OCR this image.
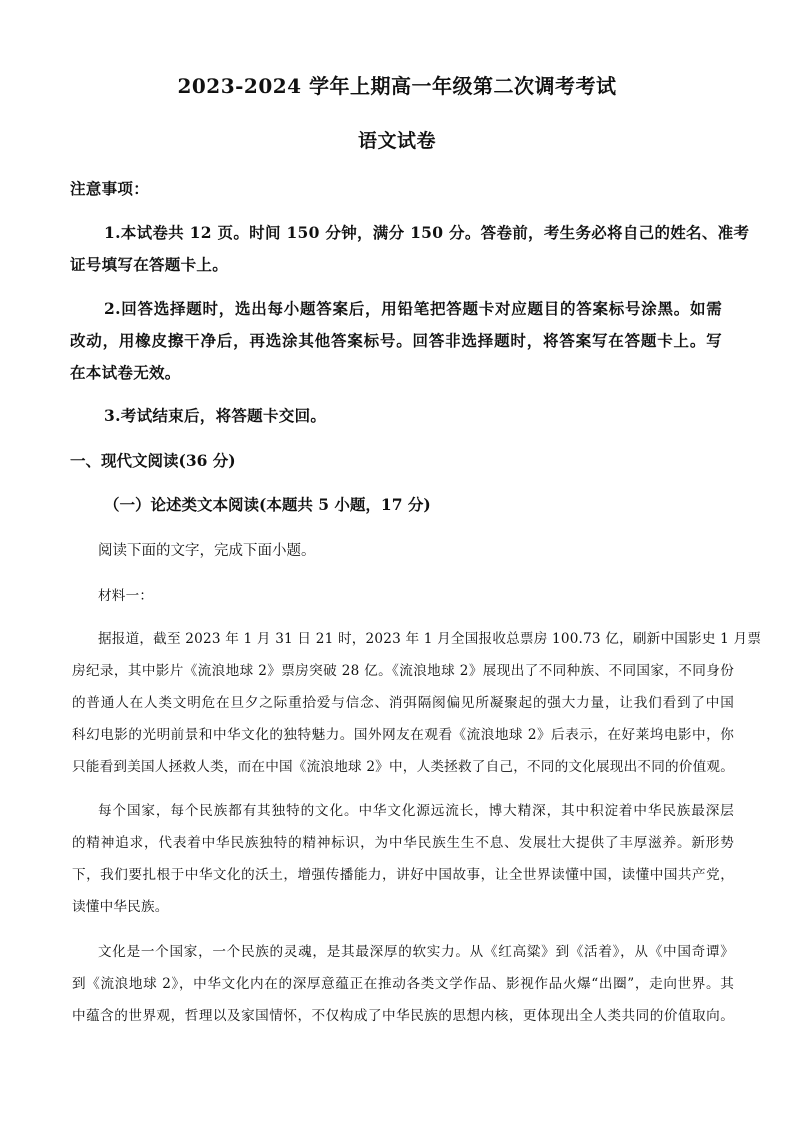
2023-2024 学年上期高一年级第二次调考考试
语文试卷
注意事项：
1.本试卷共 12 页。时间 150 分钟，满分 150 分。答卷前，考生务必将自己的姓名、准考
证号填写在答题卡上。
2.回答选择题时，选出每小题答案后，用铅笔把答题卡对应题目的答案标号涂黑。如需
改动，用橡皮擦干净后，再选涂其他答案标号。回答非选择题时，将答案写在答题卡上。写
在本试卷无效。
3.考试结束后，将答题卡交回。
一、现代文阅读(36 分)
（一）论述类文本阅读(本题共 5 小题，17 分)
阅读下面的文字，完成下面小题。
材料一：
据报道，截至 2023 年 1 月 31 日 21 时，2023 年 1 月全国报收总票房 100.73 亿，刷新中国影史 1 月票
房纪录，其中影片《流浪地球 2》票房突破 28 亿。《流浪地球 2》展现出了不同种族、不同国家，不同身份
的普通人在人类文明危在旦夕之际重拾爱与信念、消弭隔阂偏见所凝聚起的强大力量，让我们看到了中国
科幻电影的光明前景和中华文化的独特魅力。国外网友在观看《流浪地球 2》后表示，在好莱坞电影中，你
只能看到美国人拯救人类，而在中国《流浪地球 2》中，人类拯救了自己，不同的文化展现出不同的价值观。
每个国家，每个民族都有其独特的文化。中华文化源远流长，博大精深，其中积淀着中华民族最深层
的精神追求，代表着中华民族独特的精神标识，为中华民族生生不息、发展壮大提供了丰厚滋养。新形势
下，我们要扎根于中华文化的沃土，增强传播能力，讲好中国故事，让全世界读懂中国，读懂中国共产党，
读懂中华民族。
文化是一个国家，一个民族的灵魂，是其最深厚的软实力。从《红高粱》到《活着》，从《中国奇谭》
到《流浪地球 2》，中华文化内在的深厚意蕴正在推动各类文学作品、影视作品火爆“出圈”，走向世界。其
中蕴含的世界观，哲理以及家国情怀，不仅构成了中华民族的思想内核，更体现出全人类共同的价值取向。
